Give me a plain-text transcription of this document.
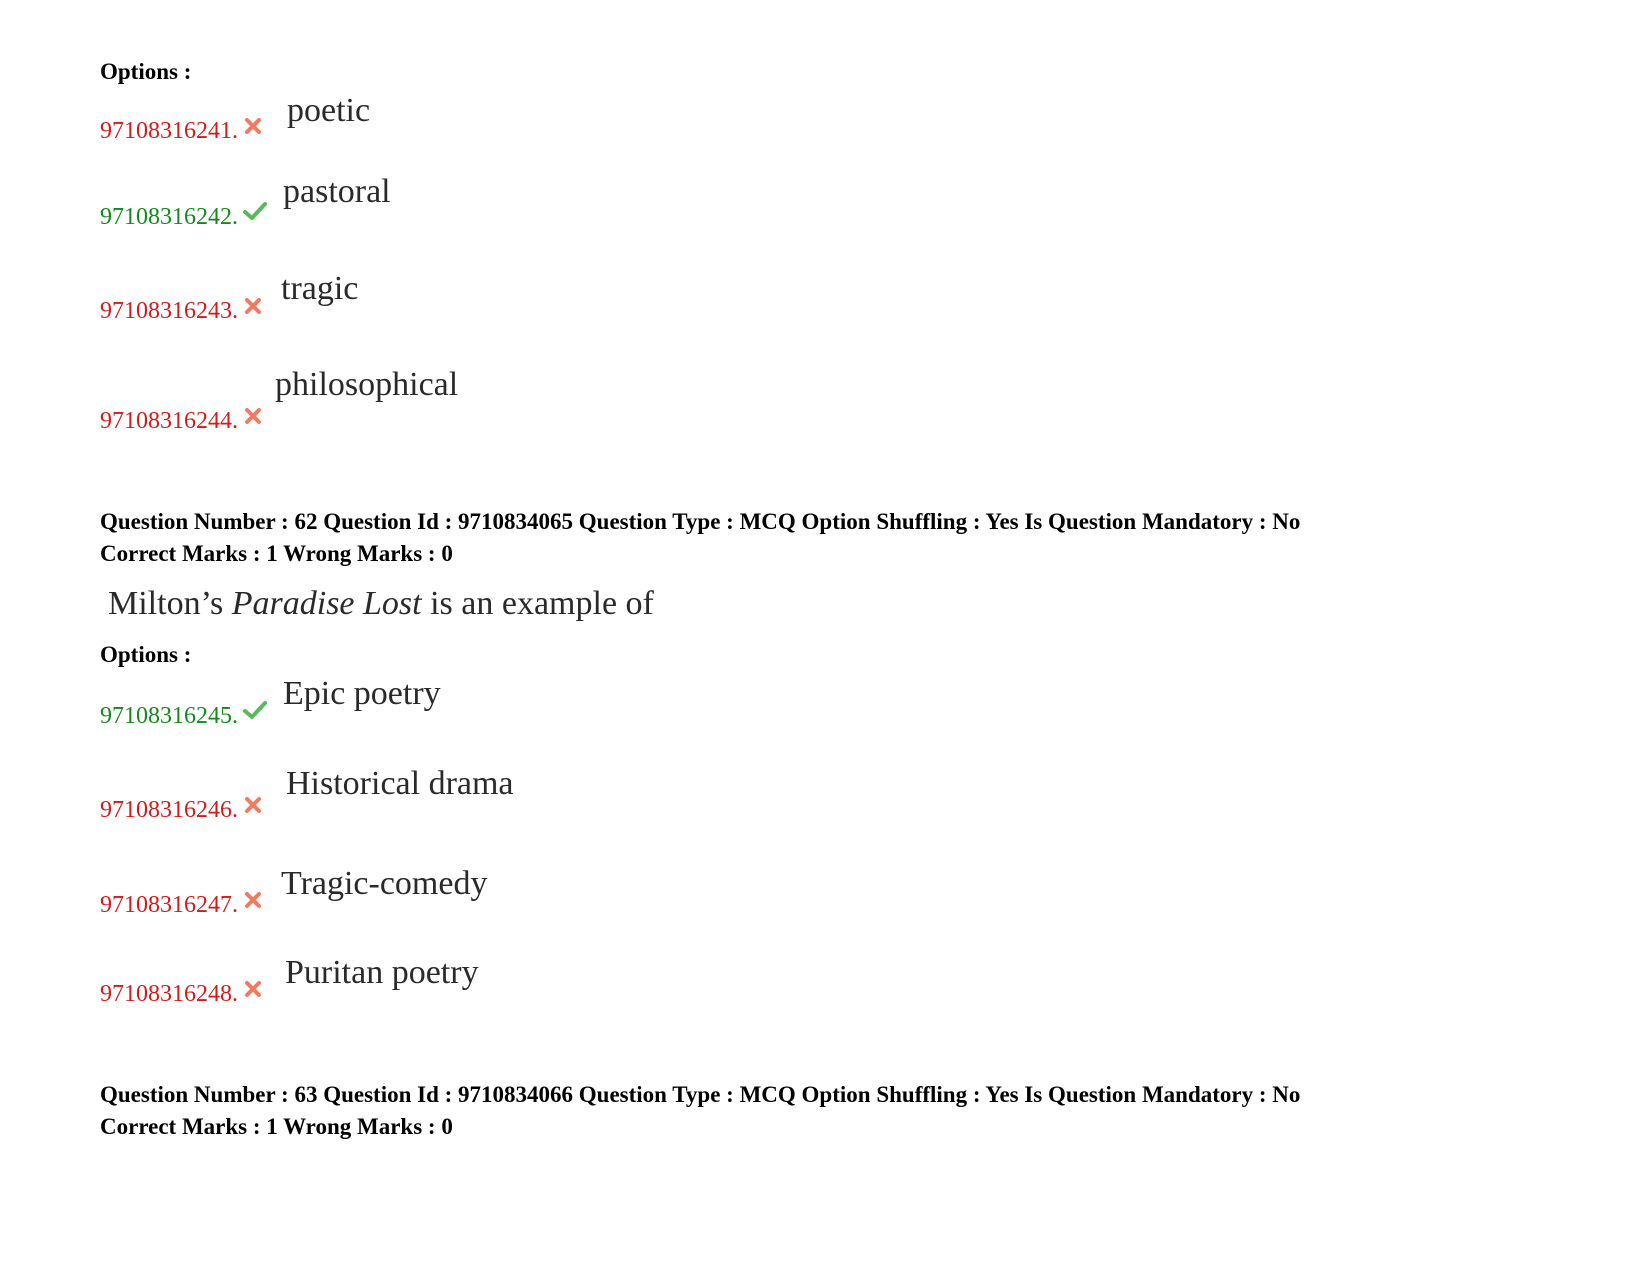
Options :
97108316241.
poetic
97108316242.
pastoral
97108316243.
tragic
97108316244.
philosophical
Question Number : 62 Question Id : 9710834065 Question Type : MCQ Option Shuffling : Yes Is Question Mandatory : No
Correct Marks : 1 Wrong Marks : 0
Milton’s Paradise Lost is an example of
Options :
97108316245.
Epic poetry
97108316246.
Historical drama
97108316247.
Tragic-comedy
97108316248.
Puritan poetry
Question Number : 63 Question Id : 9710834066 Question Type : MCQ Option Shuffling : Yes Is Question Mandatory : No
Correct Marks : 1 Wrong Marks : 0
